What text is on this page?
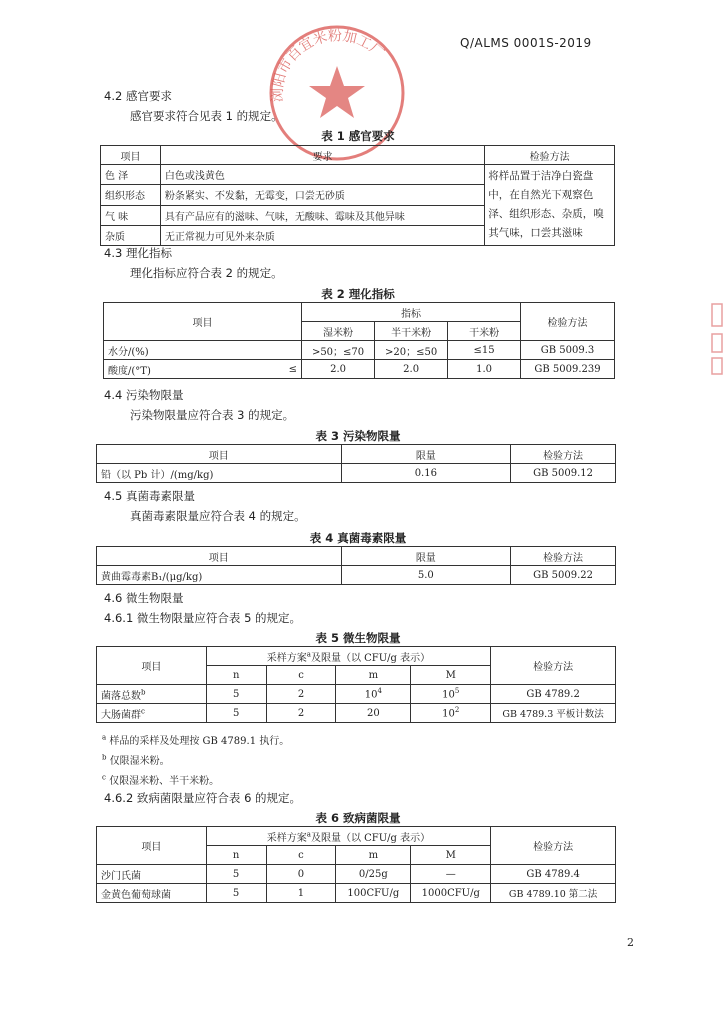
Q/ALMS 0001S-2019
浏阳市百宜米粉加工厂
4.2 感官要求
感官要求符合见表 1 的规定。
表 1 感官要求
项目	要求	检验方法
色 泽	白色或浅黄色	将样品置于洁净白瓷盘中，在自然光下观察色泽、组织形态、杂质，嗅其气味，口尝其滋味
组织形态	粉条紧实、不发黏，无霉变，口尝无砂质	
气 味	具有产品应有的滋味、气味，无酸味、霉味及其他异味	
杂质	无正常视力可见外来杂质	
4.3 理化指标
理化指标应符合表 2 的规定。
表 2 理化指标
项目		指标			检验方法
		湿米粉	半干米粉	干米粉	
水分/(%)		>50；≤70	>20；≤50	≤15	GB 5009.3
酸度/(°T)	≤	2.0	2.0	1.0	GB 5009.239
4.4 污染物限量
污染物限量应符合表 3 的规定。
表 3 污染物限量
项目	限量	检验方法
铅（以 Pb 计）/(mg/kg)	0.16	GB 5009.12
4.5 真菌毒素限量
真菌毒素限量应符合表 4 的规定。
表 4 真菌毒素限量
项目	限量	检验方法
黄曲霉毒素B₁/(μg/kg)	5.0	GB 5009.22
4.6 微生物限量
4.6.1 微生物限量应符合表 5 的规定。
表 5 微生物限量
项目	采样方案$^a$及限量（以 CFU/g 表示）				检验方法
	n	c	m	M	
菌落总数$^b$	5	2	$10^4$	$10^5$	GB 4789.2
大肠菌群$^c$	5	2	20	$10^2$	GB 4789.3 平板计数法
$^a$ 样品的采样及处理按 GB 4789.1 执行。
$^b$ 仅限湿米粉。
$^c$ 仅限湿米粉、半干米粉。
4.6.2 致病菌限量应符合表 6 的规定。
表 6 致病菌限量
项目	采样方案$^a$及限量（以 CFU/g 表示）				检验方法
	n	c	m	M	
沙门氏菌	5	0	0/25g	—	GB 4789.4
金黄色葡萄球菌	5	1	100CFU/g	1000CFU/g	GB 4789.10 第二法
2
